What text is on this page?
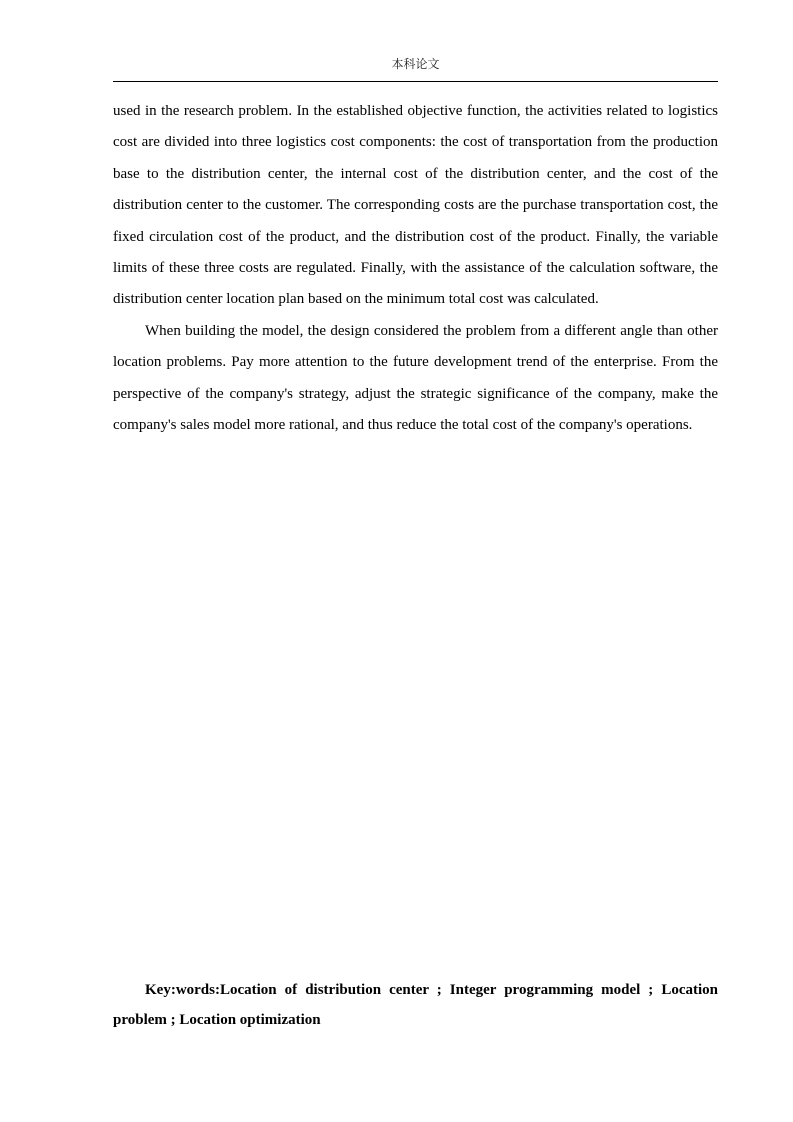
本科论文

used in the research problem. In the established objective function, the activities related to logistics cost are divided into three logistics cost components: the cost of transportation from the production base to the distribution center, the internal cost of the distribution center, and the cost of the distribution center to the customer. The corresponding costs are the purchase transportation cost, the fixed circulation cost of the product, and the distribution cost of the product. Finally, the variable limits of these three costs are regulated. Finally, with the assistance of the calculation software, the distribution center location plan based on the minimum total cost was calculated.

When building the model, the design considered the problem from a different angle than other location problems. Pay more attention to the future development trend of the enterprise. From the perspective of the company's strategy, adjust the strategic significance of the company, make the company's sales model more rational, and thus reduce the total cost of the company's operations.

Key:words:Location of distribution center ; Integer programming model ; Location problem ; Location optimization
